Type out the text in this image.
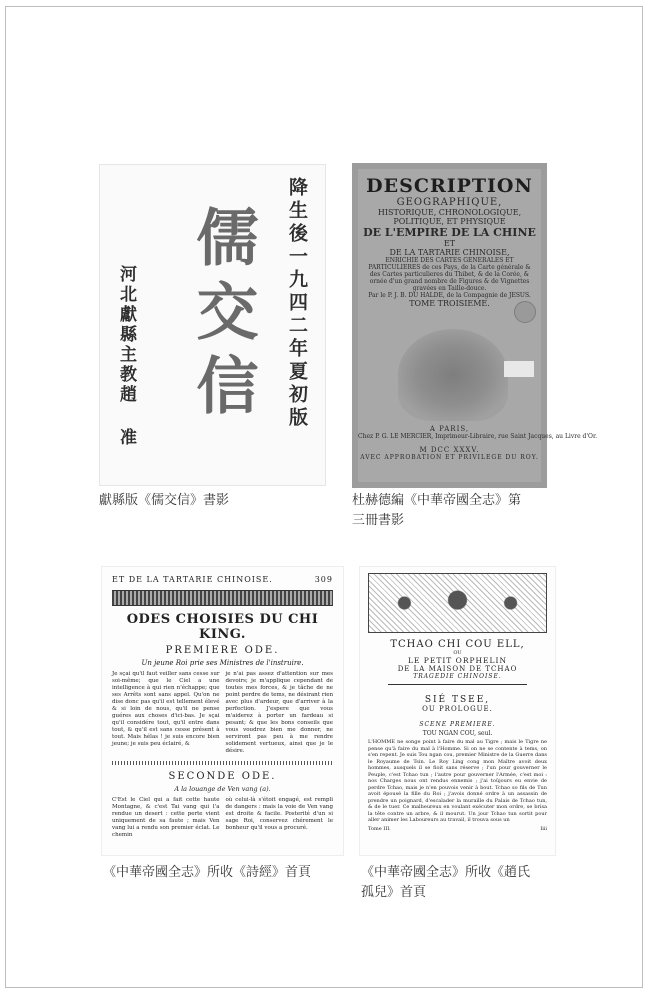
降生後一九四二年夏初版
儒交信
河北獻縣主教趙 准
獻縣版《儒交信》書影
DESCRIPTION
GEOGRAPHIQUE,
HISTORIQUE, CHRONOLOGIQUE,
POLITIQUE, ET PHYSIQUE
DE L'EMPIRE DE LA CHINE
ET
DE LA TARTARIE CHINOISE,
ENRICHIE DES CARTES GENERALES ET PARTICULIERES de ces Pays, de la Carte générale & des Cartes particulieres du Thibet, & de la Corée, & ornée d'un grand nombre de Figures & de Vignettes gravées en Taille-douce.
Par le P. J. B. DU HALDE, de la Compagnie de JESUS.
TOME TROISIEME.
A PARIS,
Chez P. G. LE MERCIER, Imprimeur-Libraire, rue Saint Jacques, au Livre d'Or.
M DCC XXXV.
AVEC APPROBATION ET PRIVILEGE DU ROY.
杜赫德編《中華帝國全志》第
三冊書影
ET DE LA TARTARIE CHINOISE.	309
ODES CHOISIES DU CHI KING.
PREMIERE ODE.
Un jeune Roi prie ses Ministres de l'instruire.
Je sçai qu'il faut veiller sans cesse sur soi-même; que le Ciel a une intelligence à qui rien n'échappe; que ses Arrêts sont sans appel. Qu'on ne dise donc pas qu'il est tellement élevé & si loin de nous, qu'il ne pense guéres aux choses d'ici-bas. Je sçai qu'il considére tout, qu'il entre dans tout, & qu'il est sans cesse présent à tout. Mais hélas ! je suis encore bien jeune; je suis peu éclairé, &
je n'ai pas assez d'attention sur mes devoirs; je m'applique cependant de toutes mes forces, & je tâche de ne point perdre de tems, ne désirant rien avec plus d'ardeur, que d'arriver à la perfection. J'espere que vous m'aiderez à porter un fardeau si pesant; & que les bons conseils que vous voudrez bien me donner, ne serviront pas peu à me rendre solidement vertueux, ainsi que je le désire.
SECONDE ODE.
A la louange de Ven vang (a).
C'Est le Ciel qui a fait cette haute Montagne, & c'est Tai vang qui l'a rendue un desert : cette perte vient uniquement de sa faute ; mais Ven vang lui a rendu son premier éclat. Le chemin
où celui-là s'étoit engagé, est rempli de dangers : mais la voie de Ven vang est droite & facile. Posterité d'un si sage Roi, conservez chérement le bonheur qu'il vous a procuré.
《中華帝國全志》所收《詩經》首頁
TCHAO CHI COU ELL,
OU
LE PETIT ORPHELIN
DE LA MAISON DE TCHAO
TRAGEDIE CHINOISE.
SIÉ TSEE,
OU PROLOGUE.
SCENE PREMIERE.
TOU NGAN COU, seul.
L'HOMME ne songe point à faire du mal au Tigre ; mais le Tigre ne pense qu'à faire du mal à l'Homme. Si on ne se contente à tems, on s'en repent. Je suis Tou ngan cou, premier Ministre de la Guerre dans le Royaume de Tsin. Le Roy Ling cong mon Maître avoit deux hommes, ausquels il se fioit sans réserve ; l'un pour gouverner le Peuple, c'est Tchao tun ; l'autre pour gouverner l'Armée, c'est moi : nos Charges nous ont rendus ennemis ; j'ai toûjours eu envie de perdre Tchao, mais je n'en pouvois venir à bout. Tchao so fils de Tun avoit épousé la fille du Roi ; j'avois donné ordre à un assassin de prendre un poignard, d'escalader la muraille du Palais de Tchao tun, & de le tuer. Ce malheureux en voulant exécuter mon ordre, se brisa la tête contre un arbre, & il mourut. Un jour Tchao tun sortit pour aller animer les Laboureurs au travail, il trouva sous un
Tome III.	Iiii
《中華帝國全志》所收《趙氏
孤兒》首頁
